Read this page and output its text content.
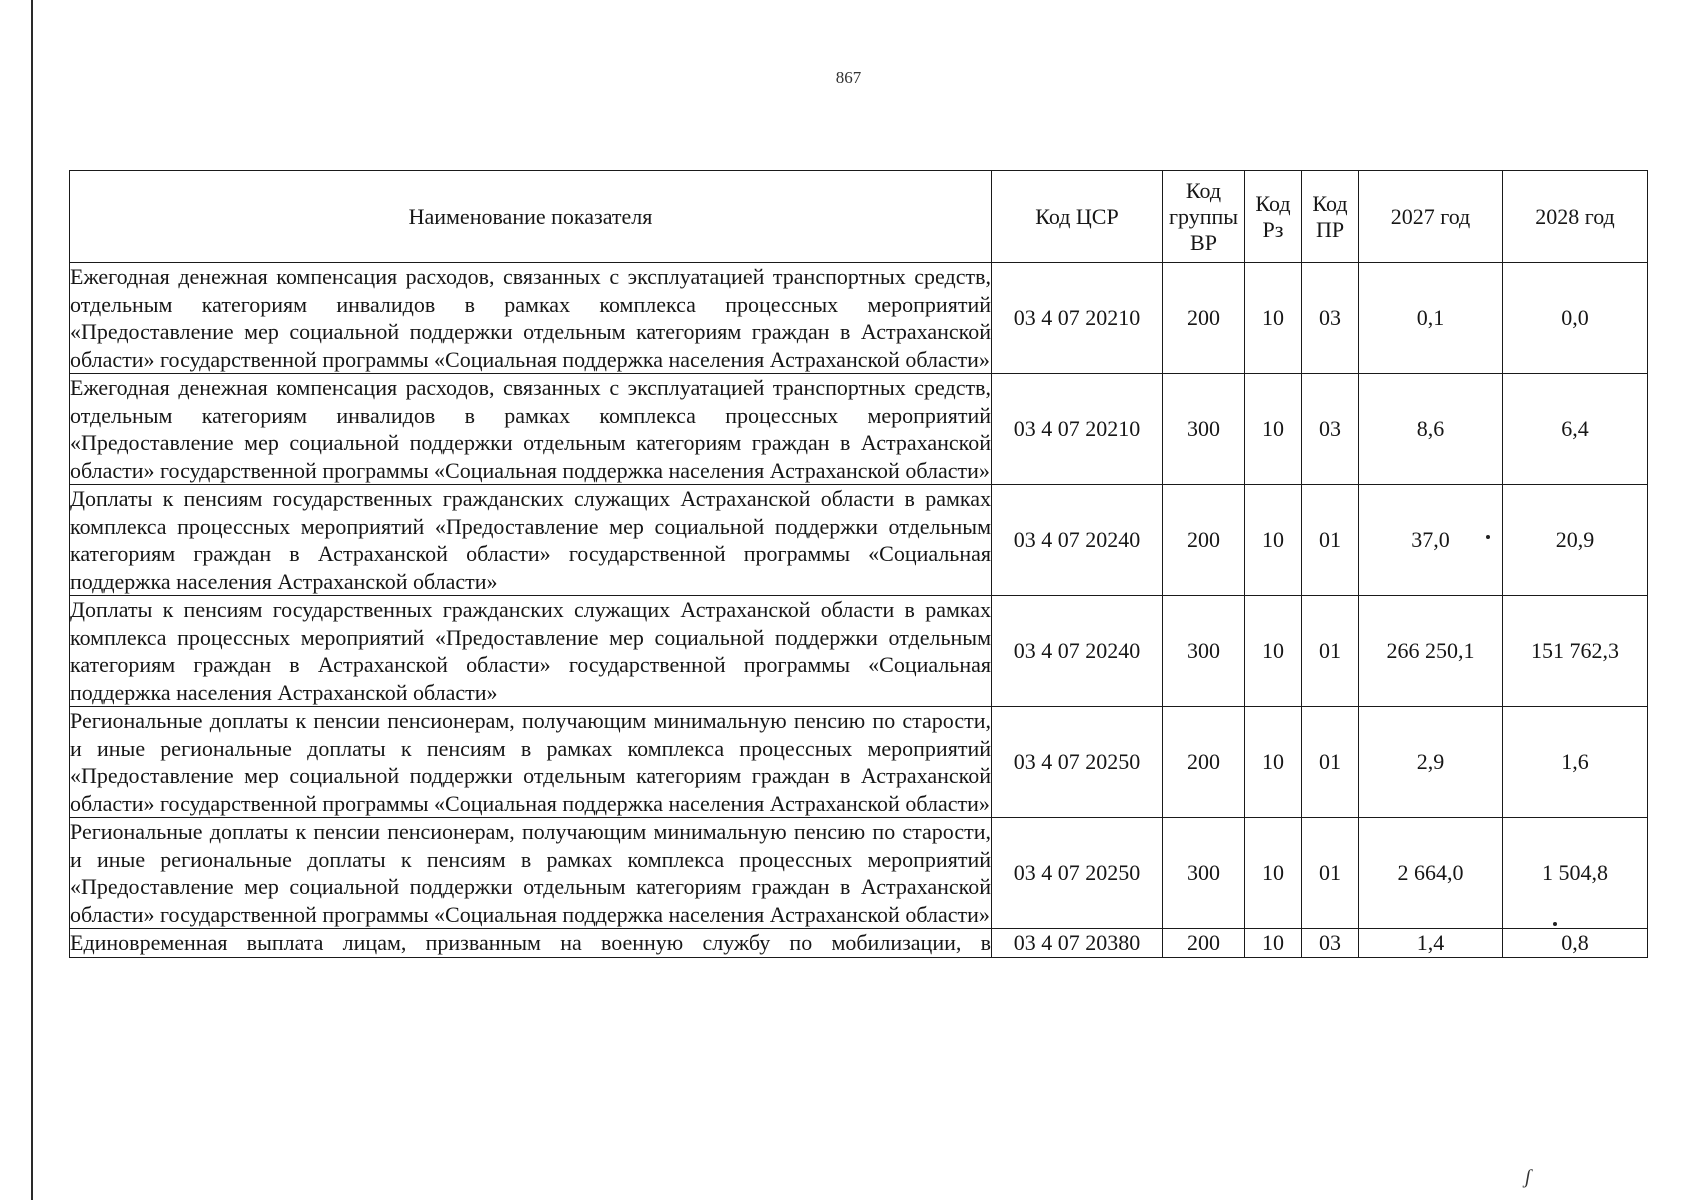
867
Наименование показателя	Код ЦСР	Код группы ВР	Код Рз	Код ПР	2027 год	2028 год
Ежегодная денежная компенсация расходов, связанных с эксплуатацией транспортных средств, отдельным категориям инвалидов в рамках комплекса процессных мероприятий «Предоставление мер социальной поддержки отдельным категориям граждан в Астраханской области» государственной программы «Социальная поддержка населения Астраханской области»	03 4 07 20210	200	10	03	0,1	0,0
Ежегодная денежная компенсация расходов, связанных с эксплуатацией транспортных средств, отдельным категориям инвалидов в рамках комплекса процессных мероприятий «Предоставление мер социальной поддержки отдельным категориям граждан в Астраханской области» государственной программы «Социальная поддержка населения Астраханской области»	03 4 07 20210	300	10	03	8,6	6,4
Доплаты к пенсиям государственных гражданских служащих Астраханской области в рамках комплекса процессных мероприятий «Предоставление мер социальной поддержки отдельным категориям граждан в Астраханской области» государственной программы «Социальная поддержка населения Астраханской области»	03 4 07 20240	200	10	01	37,0	20,9
Доплаты к пенсиям государственных гражданских служащих Астраханской области в рамках комплекса процессных мероприятий «Предоставление мер социальной поддержки отдельным категориям граждан в Астраханской области» государственной программы «Социальная поддержка населения Астраханской области»	03 4 07 20240	300	10	01	266 250,1	151 762,3
Региональные доплаты к пенсии пенсионерам, получающим минимальную пенсию по старости, и иные региональные доплаты к пенсиям в рамках комплекса процессных мероприятий «Предоставление мер социальной поддержки отдельным категориям граждан в Астраханской области» государственной программы «Социальная поддержка населения Астраханской области»	03 4 07 20250	200	10	01	2,9	1,6
Региональные доплаты к пенсии пенсионерам, получающим минимальную пенсию по старости, и иные региональные доплаты к пенсиям в рамках комплекса процессных мероприятий «Предоставление мер социальной поддержки отдельным категориям граждан в Астраханской области» государственной программы «Социальная поддержка населения Астраханской области»	03 4 07 20250	300	10	01	2 664,0	1 504,8
Единовременная выплата лицам, призванным на военную службу по мобилизации, в	03 4 07 20380	200	10	03	1,4	0,8
ʃ
